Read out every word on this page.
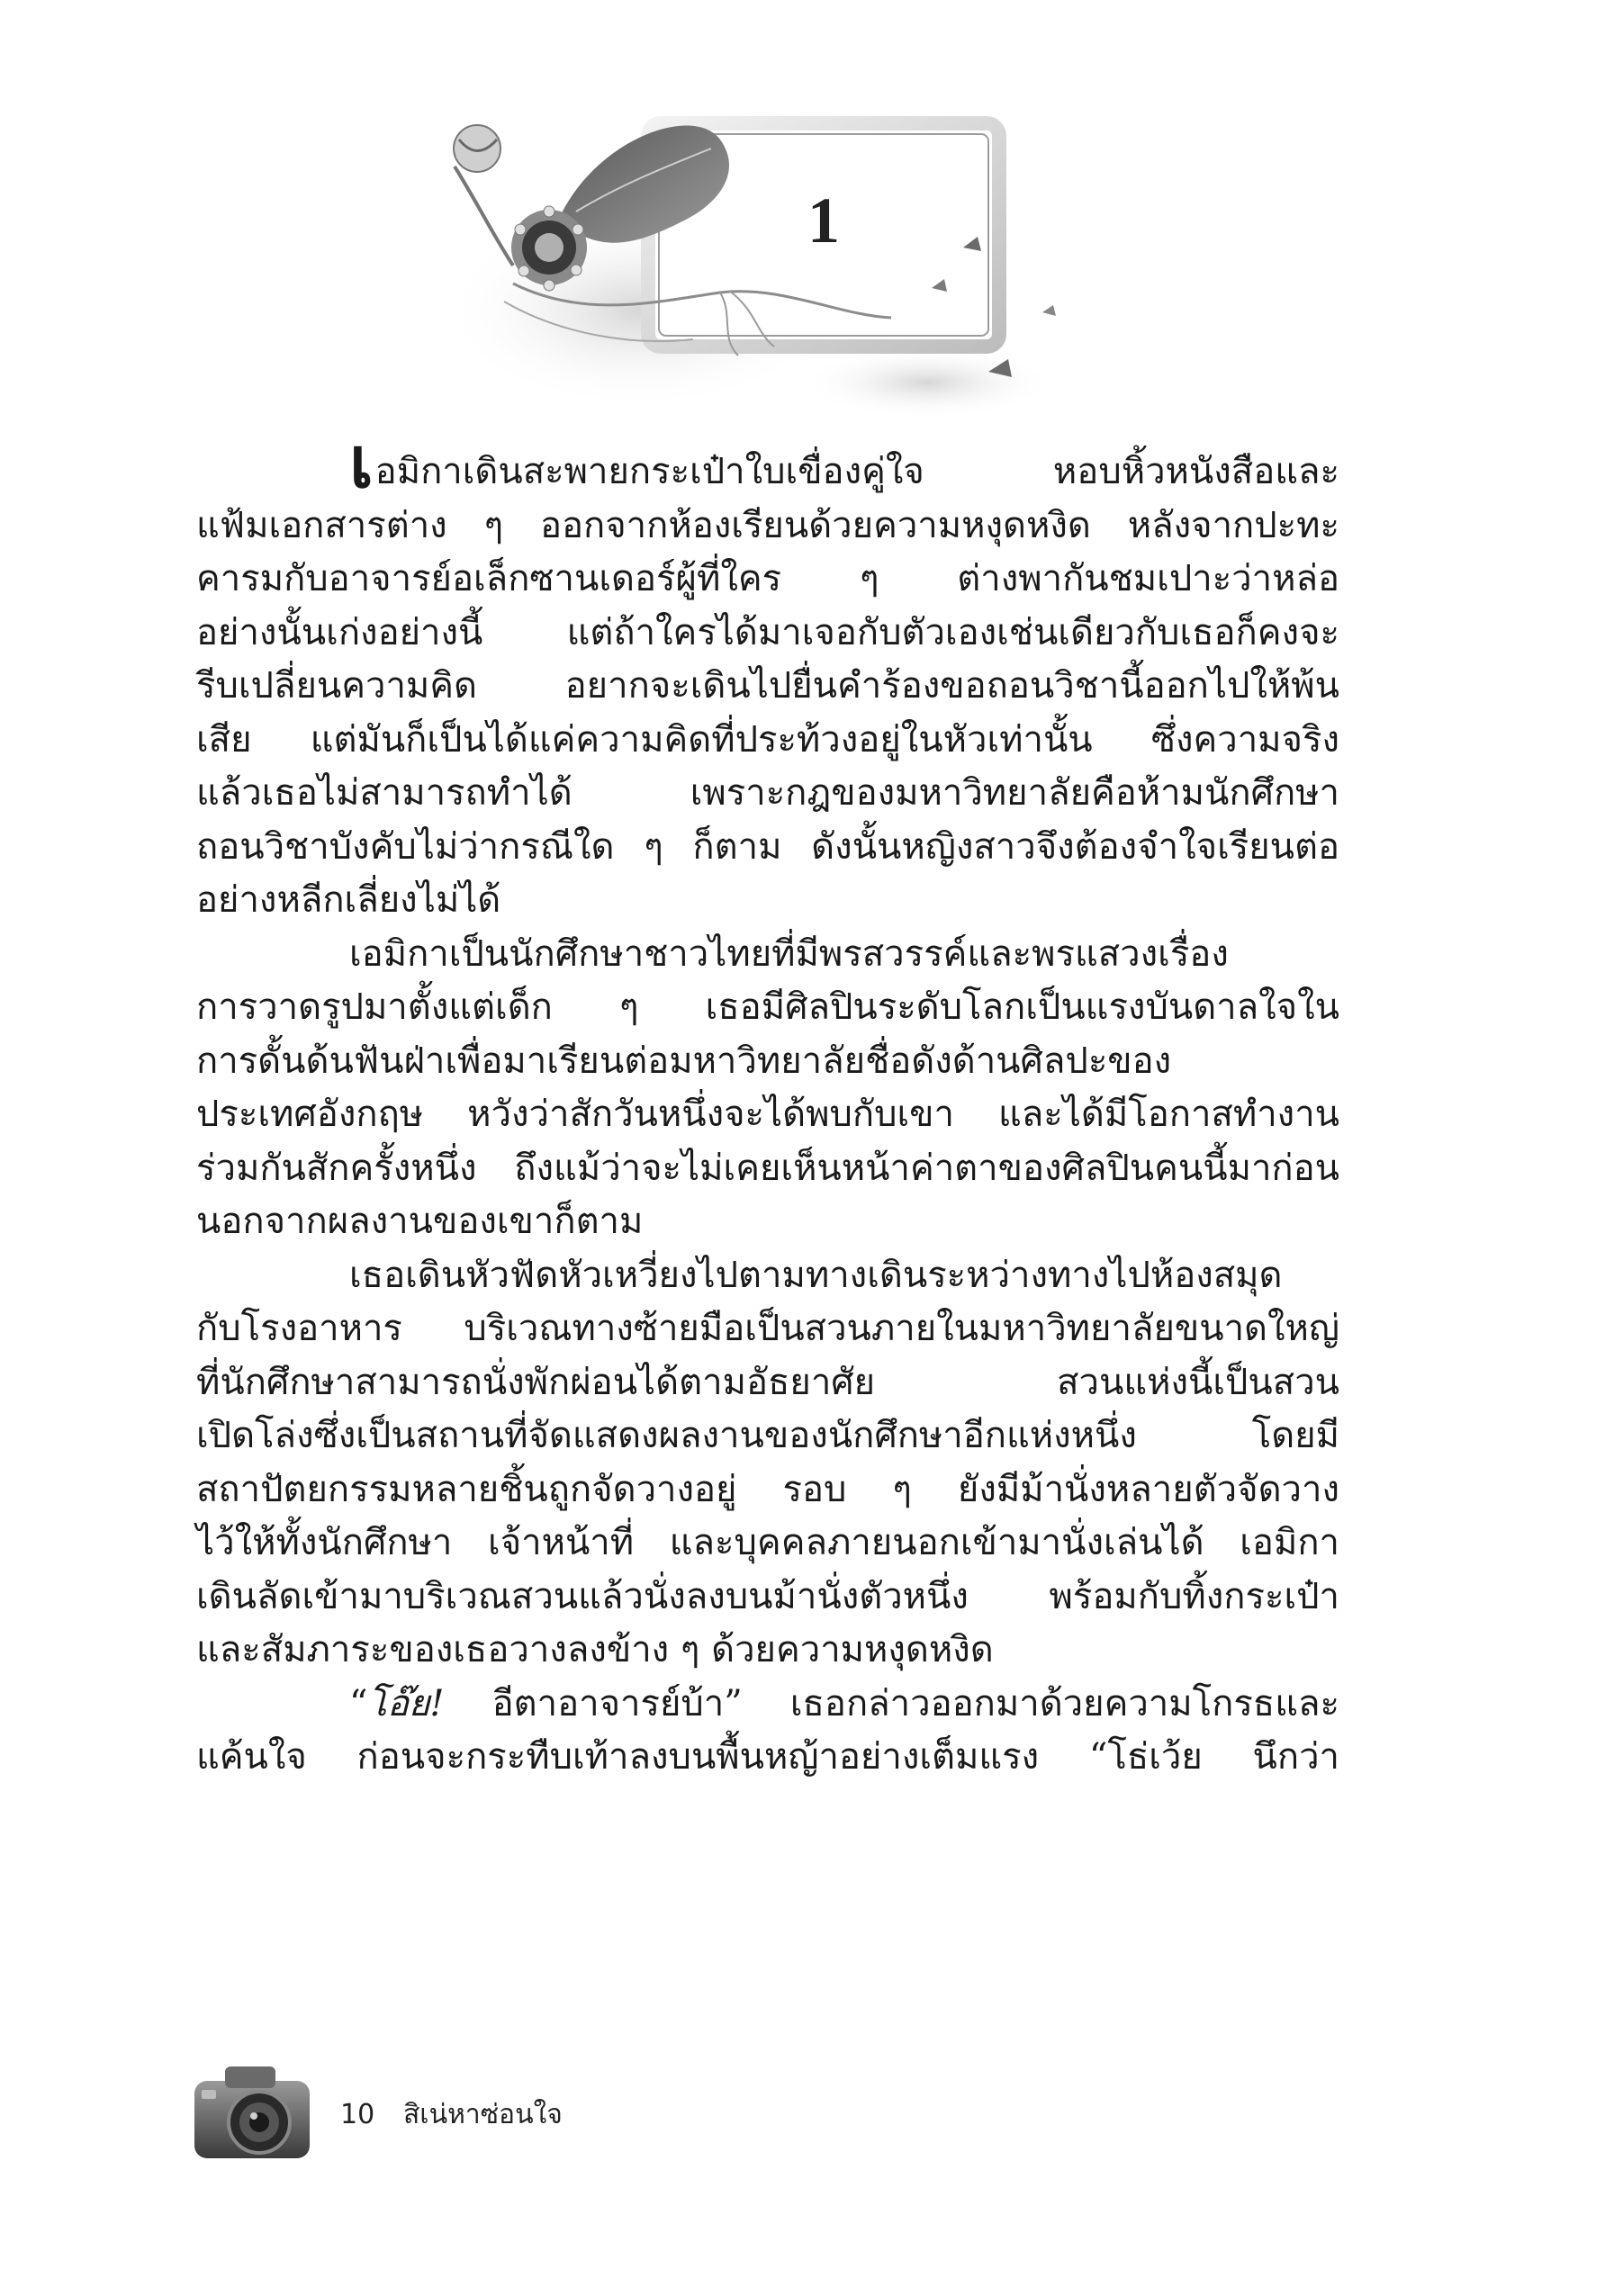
1
เอมิกาเดินสะพายกระเป๋าใบเขื่องคู่ใจ หอบหิ้วหนังสือและ
แฟ้มเอกสารต่าง ๆ ออกจากห้องเรียนด้วยความหงุดหงิด หลังจากปะทะ
คารมกับอาจารย์อเล็กซานเดอร์ผู้ที่ใคร ๆ ต่างพากันชมเปาะว่าหล่อ
อย่างนั้นเก่งอย่างนี้ แต่ถ้าใครได้มาเจอกับตัวเองเช่นเดียวกับเธอก็คงจะ
รีบเปลี่ยนความคิด อยากจะเดินไปยื่นคำร้องขอถอนวิชานี้ออกไปให้พ้น
เสีย แต่มันก็เป็นได้แค่ความคิดที่ประท้วงอยู่ในหัวเท่านั้น ซึ่งความจริง
แล้วเธอไม่สามารถทำได้ เพราะกฎของมหาวิทยาลัยคือห้ามนักศึกษา
ถอนวิชาบังคับไม่ว่ากรณีใด ๆ ก็ตาม ดังนั้นหญิงสาวจึงต้องจำใจเรียนต่อ
อย่างหลีกเลี่ยงไม่ได้
เอมิกาเป็นนักศึกษาชาวไทยที่มีพรสวรรค์และพรแสวงเรื่อง
การวาดรูปมาตั้งแต่เด็ก ๆ เธอมีศิลปินระดับโลกเป็นแรงบันดาลใจใน
การดั้นด้นฟันฝ่าเพื่อมาเรียนต่อมหาวิทยาลัยชื่อดังด้านศิลปะของ
ประเทศอังกฤษ หวังว่าสักวันหนึ่งจะได้พบกับเขา และได้มีโอกาสทำงาน
ร่วมกันสักครั้งหนึ่ง ถึงแม้ว่าจะไม่เคยเห็นหน้าค่าตาของศิลปินคนนี้มาก่อน
นอกจากผลงานของเขาก็ตาม
เธอเดินหัวฟัดหัวเหวี่ยงไปตามทางเดินระหว่างทางไปห้องสมุด
กับโรงอาหาร บริเวณทางซ้ายมือเป็นสวนภายในมหาวิทยาลัยขนาดใหญ่
ที่นักศึกษาสามารถนั่งพักผ่อนได้ตามอัธยาศัย สวนแห่งนี้เป็นสวน
เปิดโล่งซึ่งเป็นสถานที่จัดแสดงผลงานของนักศึกษาอีกแห่งหนึ่ง โดยมี
สถาปัตยกรรมหลายชิ้นถูกจัดวางอยู่ รอบ ๆ ยังมีม้านั่งหลายตัวจัดวาง
ไว้ให้ทั้งนักศึกษา เจ้าหน้าที่ และบุคคลภายนอกเข้ามานั่งเล่นได้ เอมิกา
เดินลัดเข้ามาบริเวณสวนแล้วนั่งลงบนม้านั่งตัวหนึ่ง พร้อมกับทิ้งกระเป๋า
และสัมภาระของเธอวางลงข้าง ๆ ด้วยความหงุดหงิด
“โอ๊ย! อีตาอาจารย์บ้า” เธอกล่าวออกมาด้วยความโกรธและ
แค้นใจ ก่อนจะกระทืบเท้าลงบนพื้นหญ้าอย่างเต็มแรง “โธ่เว้ย นึกว่า
10 สิเน่หาซ่อนใจ
